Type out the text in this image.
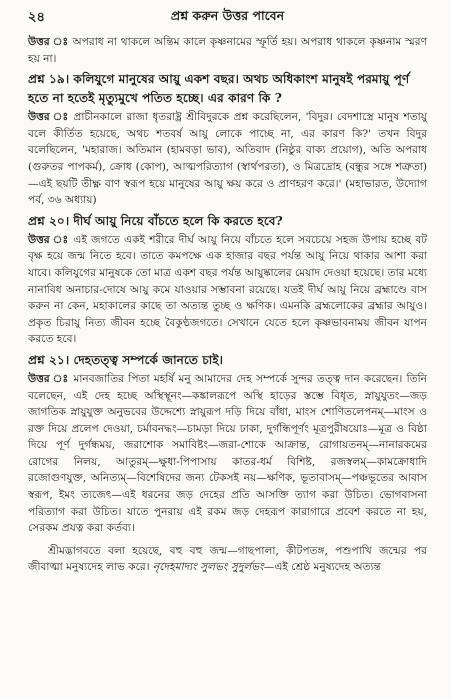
২৪	প্রশ্ন করুন উত্তর পাবেন

উত্তর ঃ অপরাধ না থাকলে অন্তিম কালে কৃষ্ণনামের স্ফূর্তি হয়। অপরাধ থাকলে কৃষ্ণনাম স্মরণ হয় না।

প্রশ্ন ১৯। কলিযুগে মানুষের আয়ু একশ বছর। অথচ অধিকাংশ মানুষই পরমায়ু পূর্ণ হতে না হতেই মৃত্যুমুখে পতিত হচ্ছে। এর কারণ কি ?

উত্তর ঃ প্রাচীনকালে রাজা ধৃতরাষ্ট্র শ্রীবিদুরকে প্রশ্ন করেছিলেন, 'বিদুর। বেদশাস্ত্রে মানুষ শতায়ু বলে কীর্তিত হয়েছে, অথচ শতবর্ষ আয়ু লোকে পাচ্ছে না, এর কারণ কি?' তখন বিদুর বলেছিলেন, 'মহারাজ। অতিমান (হামবড়া ভাব), অতিবাদ (নিষ্ঠুর বাক্য প্রয়োগ), অতি অপরাধ (গুরুতর পাপকর্ম), ক্রোধ (কোপ), আত্মপরিত্যাগ (স্বার্থপরতা), ও মিত্রদ্রোহ (বন্ধুর সঙ্গে শত্রুতা)—এই ছয়টি তীক্ষ্ণ বাণ স্বরূপ হয়ে মানুষের আয়ু ক্ষয় করে ও প্রাণহরণ করে।' (মহাভারত, উদ্যোগ পর্ব, ৩৬ অধ্যায়)

প্রশ্ন ২০। দীর্ঘ আয়ু নিয়ে বাঁচতে হলে কি করতে হবে?

উত্তর ঃ এই জগতে একই শরীরে দীর্ঘ আয়ু নিয়ে বাঁচতে হলে সবচেয়ে সহজ উপায় হচ্ছে বট বৃক্ষ হয়ে জন্ম নিতে হবে। তাতে কমপক্ষে এক হাজার বছর পর্যন্ত আয়ু নিয়ে থাকার আশা করা যাবে। কলিযুগের মানুষকে তো মাত্র একশ বছর পর্যন্ত আয়ুষ্কালের মেয়াদ দেওয়া হয়েছে। তার মধ্যে নানাবিধ অনাচার-দোষে আয়ু কমে যাওয়ার সম্ভাবনা রয়েছে। যতই দীর্ঘ আয়ু নিয়ে ব্রহ্মাণ্ডে বাস করুন না কেন, মহাকালের কাছে তা অত্যন্ত তুচ্ছ ও ক্ষণিক। এমনকি ব্রহ্মলোকের ব্রহ্মার আয়ুও। প্রকৃত চিরায়ু নিত্য জীবন হচ্ছে বৈকুণ্ঠজগতে। সেখানে যেতে হলে কৃষ্ণভাবনাময় জীবন যাপন করতে হবে।

প্রশ্ন ২১। দেহতত্ত্ব সম্পর্কে জানতে চাই।

উত্তর ঃ মানবজাতির পিতা মহর্ষি মনু আমাদের দেহ সম্পর্কে সুন্দর তত্ত্ব দান করেছেন। তিনি বলেছেন, এই দেহ হচ্ছে অস্থিস্থূনং—কঙ্কালরূপে অস্থি হাড়ের স্তম্ভে বিধৃত, স্নায়ুযুতং—জড় জাগতিক স্নায়ুযুক্ত অনুভবের উদ্দেশ্যে স্নায়ুরূপ দড়ি দিয়ে বাঁধা, মাংস শোণিতলেপনম্—মাংস ও রক্ত দিয়ে প্রলেপ দেওয়া, চর্মাবনদ্ধং—চামড়া দিয়ে ঢাকা, দুর্গন্ধিপূর্ণং মূত্রপুরীষয়োঃ—মূত্র ও বিষ্ঠা দিয়ে পূর্ণ দুর্গন্ধময়, জরাশোক সমাবিষ্টং—জরা-শোকে আক্রান্ত, রোগায়তনম্—নানারকমের রোগের নিলয়, আতুরম্—ক্ষুধা-পিপাসায় কাতর-ধর্ম বিশিষ্ট, রজস্বলম্—কামক্রোধাদি রজোগুণযুক্ত, অনিত্যম্—বিশেষিদের জন্য টেকসই নয়—ক্ষণিক, ভূতাবাসম্—পঞ্চভূতের আবাস স্বরূপ, ইমং ত্যজেৎ—এই ধরনের জড় দেহের প্রতি আসক্তি ত্যাগ করা উচিত। ভোগবাসনা পরিত্যাগ করা উচিত। যাতে পুনরায় এই রকম জড় দেহরূপ কারাগারে প্রবেশ করতে না হয়, সেরকম প্রযত্ন করা কর্তব্য।

শ্রীমদ্ভাগবতে বলা হয়েছে, বহু বহু জন্ম—গাছপালা, কীটপতঙ্গ, পশুপাখি জন্মের পর জীবাত্মা মনুষ্যদেহ লাভ করে। নৃদেহমাদ্যং সুলভং সুদুর্লভং—এই শ্রেষ্ঠ মনুষ্যদেহ অত্যন্ত
